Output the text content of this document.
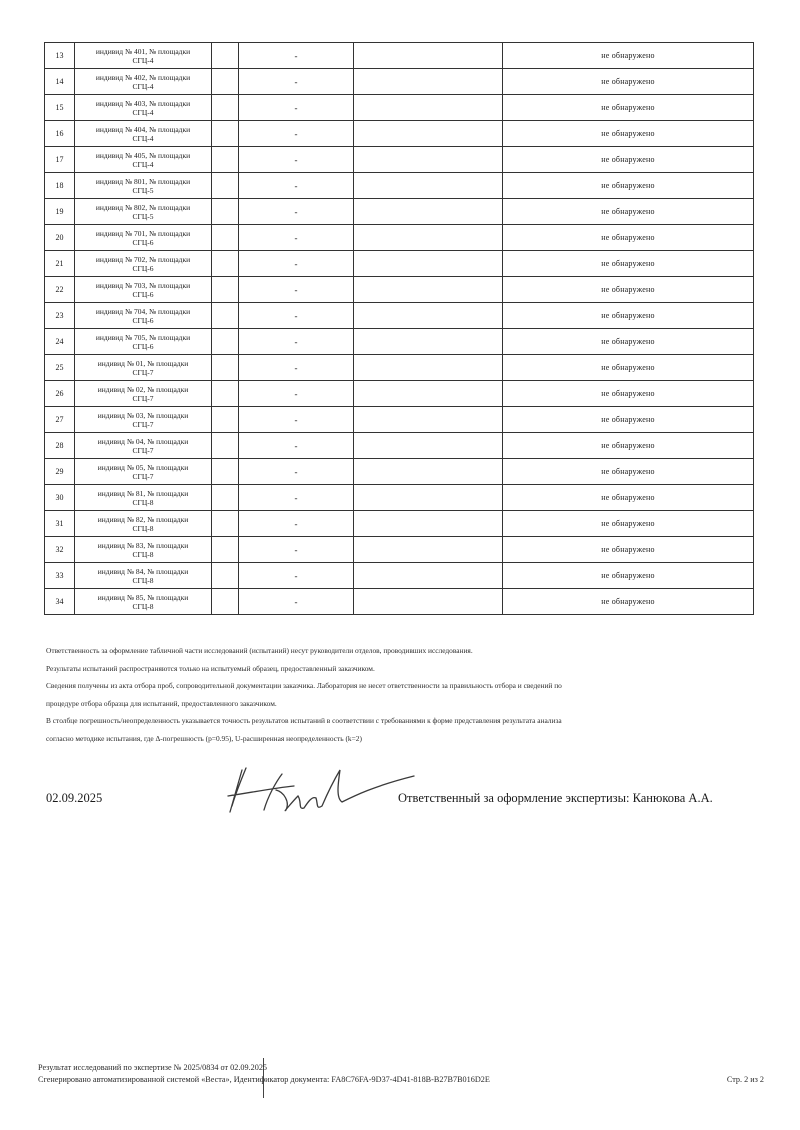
13	индивид № 401, № площадки
СГЦ-4		-		не обнаружено
14	индивид № 402, № площадки
СГЦ-4		-		не обнаружено
15	индивид № 403, № площадки
СГЦ-4		-		не обнаружено
16	индивид № 404, № площадки
СГЦ-4		-		не обнаружено
17	индивид № 405, № площадки
СГЦ-4		-		не обнаружено
18	индивид № 801, № площадки
СГЦ-5		-		не обнаружено
19	индивид № 802, № площадки
СГЦ-5		-		не обнаружено
20	индивид № 701, № площадки
СГЦ-6		-		не обнаружено
21	индивид № 702, № площадки
СГЦ-6		-		не обнаружено
22	индивид № 703, № площадки
СГЦ-6		-		не обнаружено
23	индивид № 704, № площадки
СГЦ-6		-		не обнаружено
24	индивид № 705, № площадки
СГЦ-6		-		не обнаружено
25	индивид № 01, № площадки
СГЦ-7		-		не обнаружено
26	индивид № 02, № площадки
СГЦ-7		-		не обнаружено
27	индивид № 03, № площадки
СГЦ-7		-		не обнаружено
28	индивид № 04, № площадки
СГЦ-7		-		не обнаружено
29	индивид № 05, № площадки
СГЦ-7		-		не обнаружено
30	индивид № 81, № площадки
СГЦ-8		-		не обнаружено
31	индивид № 82, № площадки
СГЦ-8		-		не обнаружено
32	индивид № 83, № площадки
СГЦ-8		-		не обнаружено
33	индивид № 84, № площадки
СГЦ-8		-		не обнаружено
34	индивид № 85, № площадки
СГЦ-8		-		не обнаружено

Ответственность за оформление табличной части исследований (испытаний) несут руководители отделов, проводивших исследования.

Результаты испытаний распространяются только на испытуемый образец, предоставленный заказчиком.

Сведения получены из акта отбора проб, сопроводительной документации заказчика. Лаборатория не несет ответственности за правильность отбора и сведений по

процедуре отбора образца для испытаний, предоставленного заказчиком.

В столбце погрешность/неопределенность указывается точность результатов испытаний в соответствии с требованиями к форме представления результата анализа

согласно методике испытания, где Δ-погрешность (р=0.95), U-расширенная неопределенность (k=2)

02.09.2025	Ответственный за оформление экспертизы: Канюкова А.А.
Результат исследований по экспертизе № 2025/0834 от 02.09.2025
Сгенерировано автоматизированной системой «Веста», Идентификатор документа: FA8C76FA-9D37-4D41-818B-B27B7B016D2E	Стр. 2 из 2
